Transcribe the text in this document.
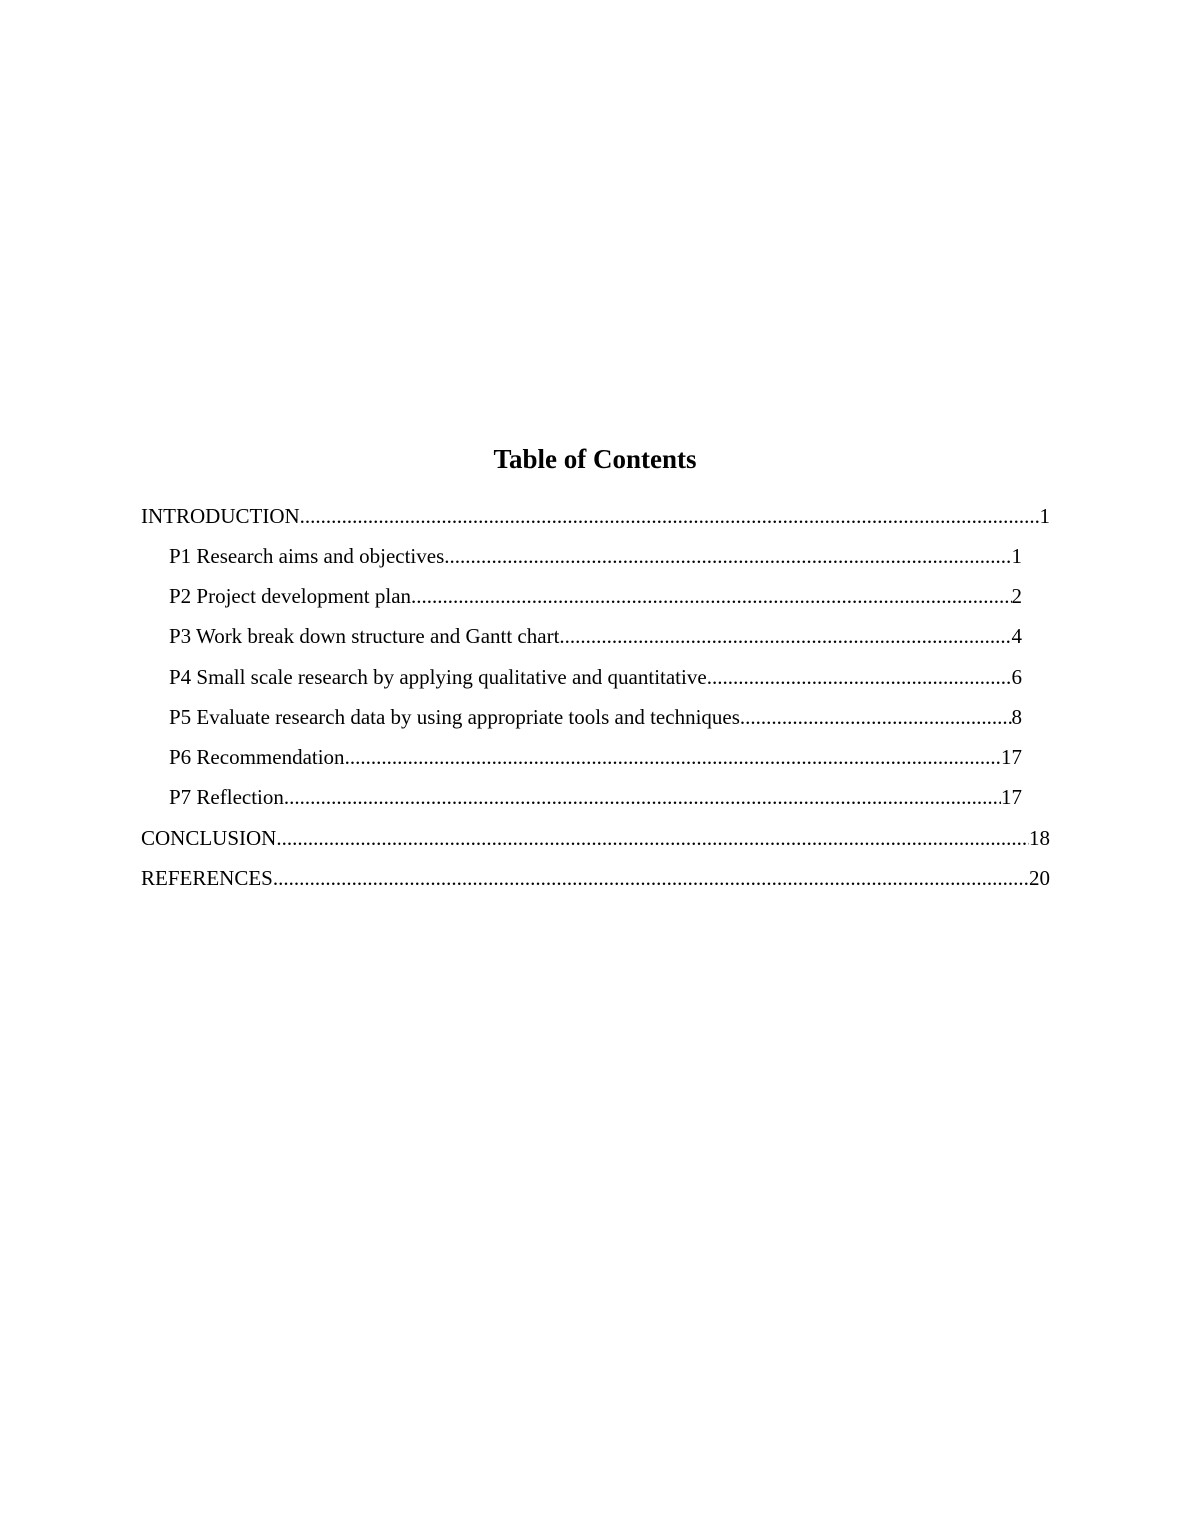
Table of Contents
INTRODUCTION .....	1
P1 Research aims and objectives .....	1
P2 Project development plan .....	2
P3 Work break down structure and Gantt chart .....	4
P4 Small scale research by applying qualitative and quantitative .....	6
P5 Evaluate research data by using appropriate tools and techniques .....	8
P6 Recommendation .....	17
P7 Reflection .....	17
CONCLUSION .....	18
REFERENCES .....	20
